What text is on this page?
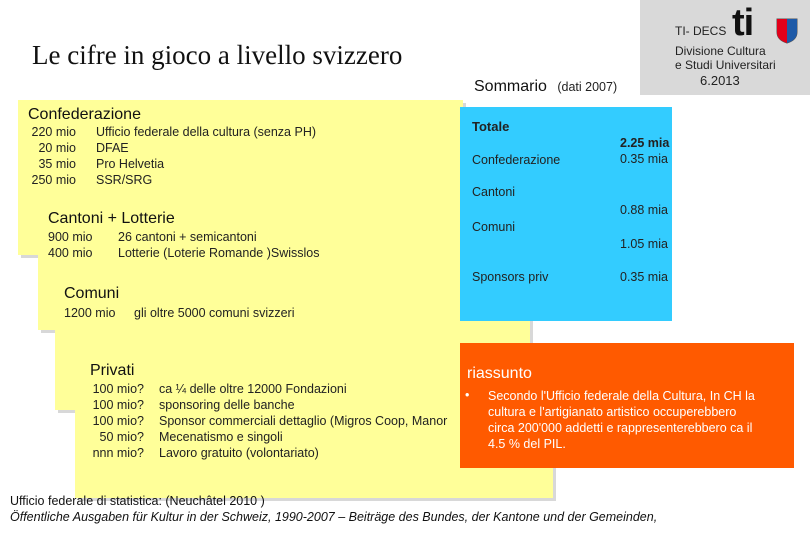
TI- DECS
Divisione Cultura
e Studi Universitari
6.2013
ti
Le cifre in gioco a livello svizzero
Sommario (dati 2007)
Confederazione
220 mio Ufficio federale della cultura (senza PH)
20 mio DFAE
35 mio Pro Helvetia
250 mio SSR/SRG
Cantoni + Lotterie
900 mio 26 cantoni + semicantoni
400 mio Lotterie (Loterie Romande )Swisslos
Comuni
1200 mio gli oltre 5000 comuni svizzeri
Privati
100 mio? ca ¼ delle oltre 12000 Fondazioni
100 mio? sponsoring delle banche
100 mio? Sponsor commerciali dettaglio (Migros Coop, Manor
50 mio? Mecenatismo e singoli
nnn mio? Lavoro gratuito (volontariato)
Totale
2.25 mia
Confederazione	0.35 mia
Cantoni
0.88 mia
Comuni
1.05 mia
Sponsors priv	0.35 mia
riassunto
• Secondo l'Ufficio federale della Cultura, In CH la
cultura e l'artigianato artistico occuperebbero
circa 200'000 addetti e rappresenterebbero ca il
4.5 % del PIL.
Ufficio federale di statistica: (Neuchâtel 2010 )
Öffentliche Ausgaben für Kultur in der Schweiz, 1990-2007 – Beiträge des Bundes, der Kantone und der Gemeinden,
